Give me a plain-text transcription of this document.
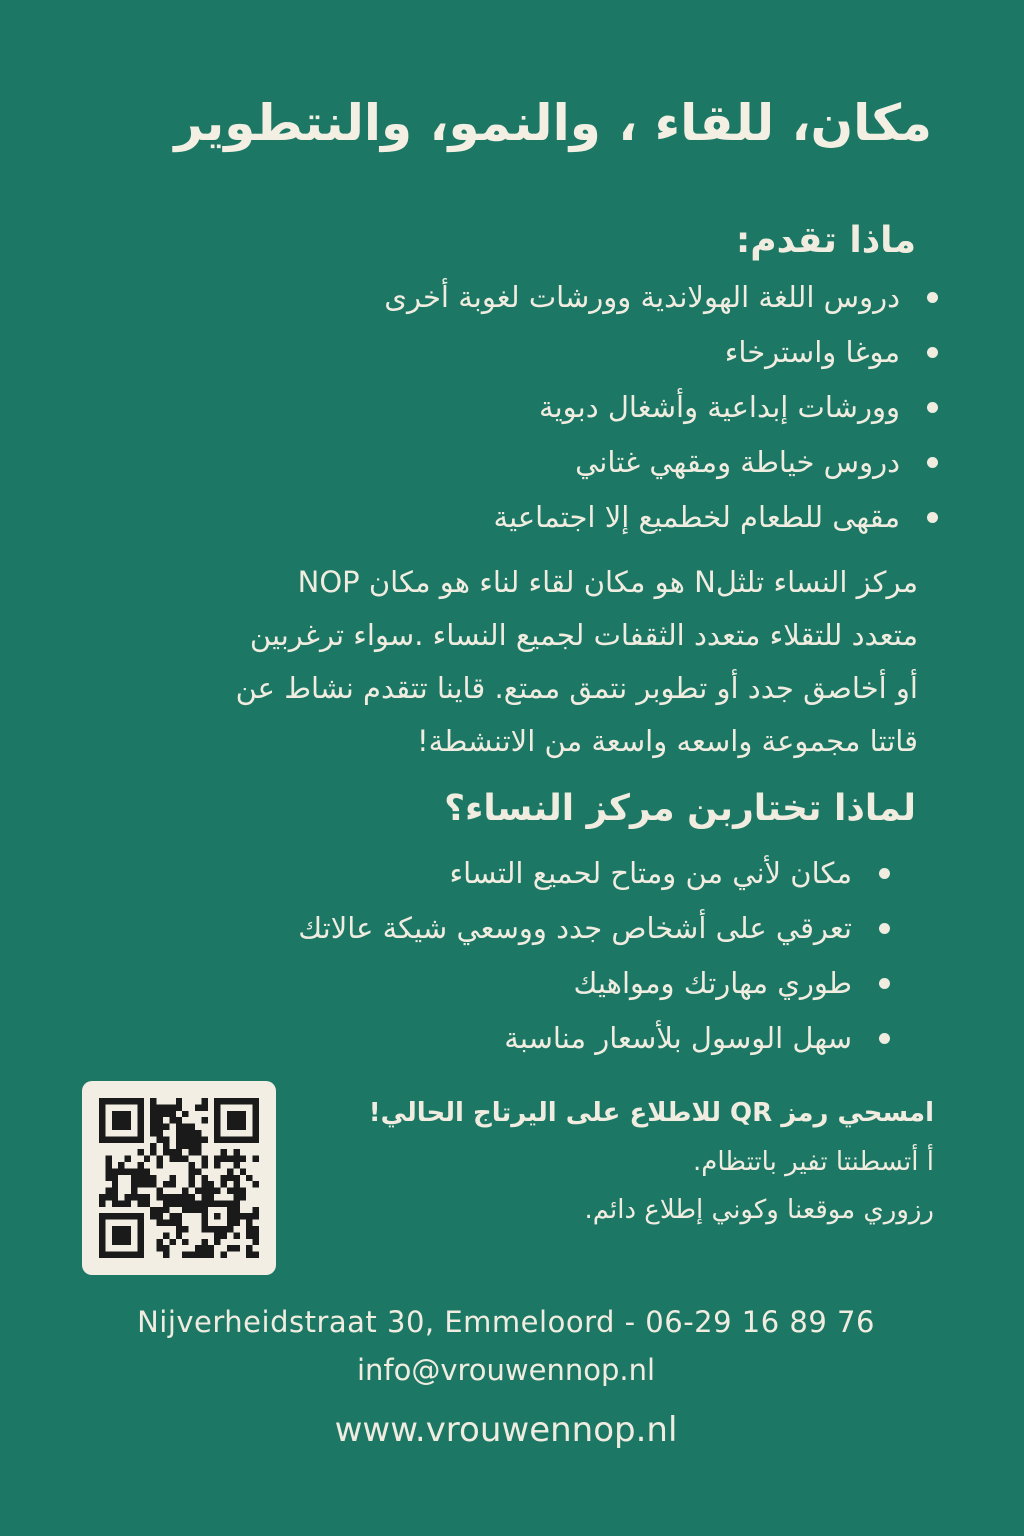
مكان، للقاء ، والنمو، والنتطوير
ماذا تقدم:
دروس اللغة الهولاندية وورشات لغوبة أخرى
موغا واسترخاء
وورشات إبداعية وأشغال دبوية
دروس خياطة ومقهي غتاني
مقهى للطعام لخطميع إلا اجتماعية

مركز النساء تلثلN هو مكان لقاء لناء هو مكان NOP
متعدد للتقلاء متعدد الثقفات لجميع النساء .سواء ترغربين
أو أخاصق جدد أو تطوبر نتمق ممتع. قاينا تتقدم نشاط عن
قاتتا مجموعة واسعه واسعة من الاتنشطة!

لماذا تختاربن مركز النساء؟
مكان لأني من ومتاح لحميع التساء
تعرقي على أشخاص جدد ووسعي شيكة عالاتك
طوري مهارتك ومواهيك
سهل الوسول بلأسعار مناسبة
امسحي رمز QR للاطلاع على اليرتاج الحالي!
أ أتسطنتا تفير باتتظام.
رزوري موقعنا وكوني إطلاع دائم.
Nijverheidstraat 30, Emmeloord - 06-29 16 89 76
info@vrouwennop.nl
www.vrouwennop.nl
